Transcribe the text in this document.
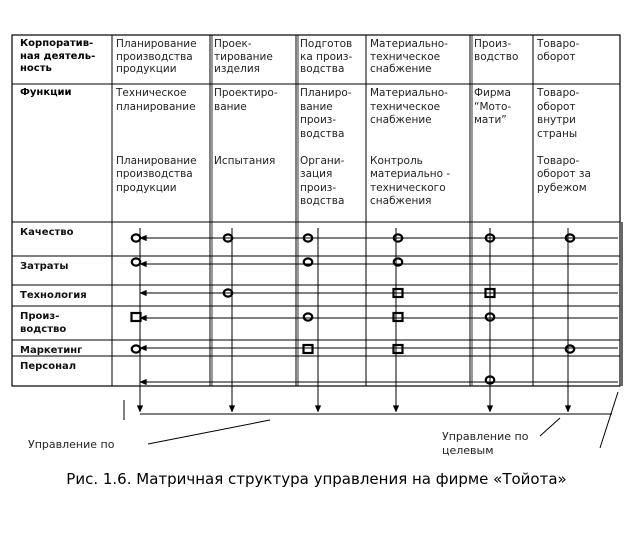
Корпоратив-
ная деятель-
ность
Планирование
производства
продукции
Проек-
тирование
изделия
Подготов
ка произ-
водства
Материально-
техническое
снабжение
Произ-
водство
Товаро-
оборот
Функции	Техническое
планирование

Планирование
производства
продукции
Проектиро-
вание

Испытания
Планиро-
вание
произ-
водства

Органи-
зация
произ-
водства
Материально-
техническое
снабжение

Контроль
материально -
технического
снабжения
Фирма
“Мото-
мати”
Товаро-
оборот
внутри
страны

Товаро-
оборот за
рубежом
Качество
Затраты
Технология
Произ-
водство
Маркетинг
Персонал
Управление по
Управление по
целевым
Рис. 1.6. Матричная структура управления на фирме «Тойота»
